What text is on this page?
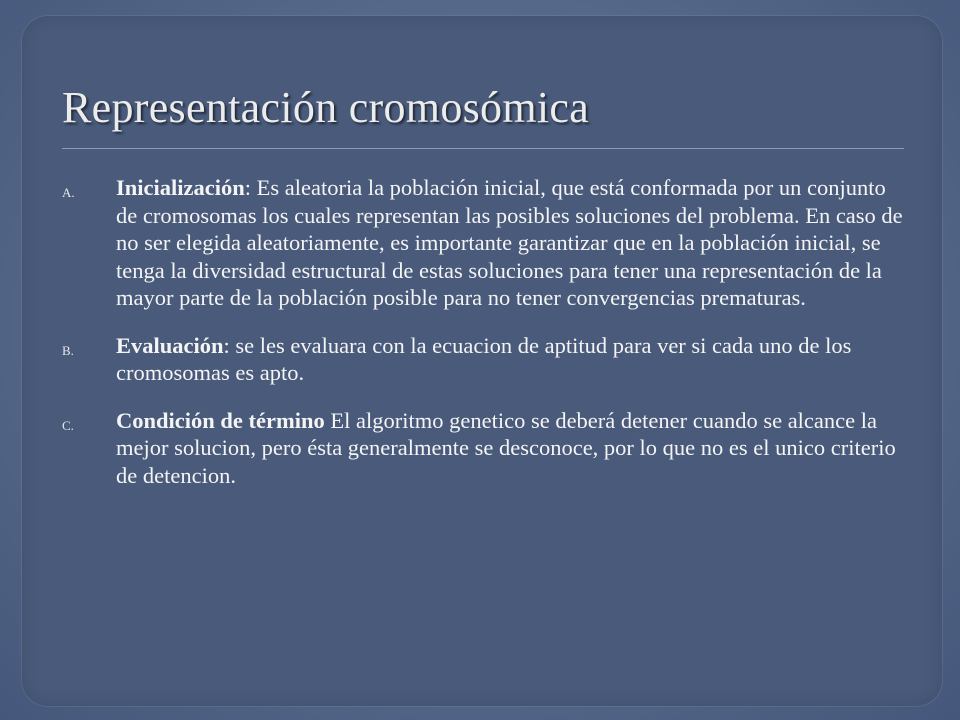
Representación cromosómica
A.	Inicialización: Es aleatoria la población inicial, que está conformada por un conjunto de cromosomas los cuales representan las posibles soluciones del problema. En caso de no ser elegida aleatoriamente, es importante garantizar que en la población inicial, se tenga la diversidad estructural de estas soluciones para tener una representación de la mayor parte de la población posible para no tener convergencias prematuras.
B.	Evaluación: se les evaluara con la ecuacion de aptitud para ver si cada uno de los cromosomas es apto.
C.	Condición de término El algoritmo genetico se deberá detener cuando se alcance la mejor solucion, pero ésta generalmente se desconoce, por lo que no es el unico criterio de detencion.
